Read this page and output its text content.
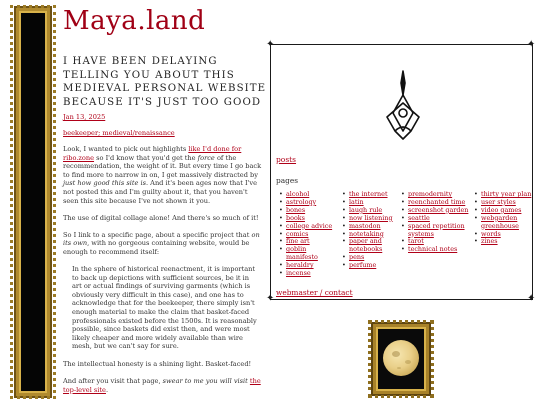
Maya.land
I HAVE BEEN DELAYING TELLING YOU ABOUT THIS MEDIEVAL PERSONAL WEBSITE BECAUSE IT'S JUST TOO GOOD
Jan 13, 2025
beekeeper; medieval/renaissance

Look, I wanted to pick out highlights like I'd done for ribo.zone so I'd know that you'd get the force of the recommendation, the weight of it. But every time I go back to find more to narrow in on, I get massively distracted by just how good this site is. And it's been ages now that I've not posted this and I'm guilty about it, that you haven't seen this site because I've not shown it you.

The use of digital collage alone! And there's so much of it!

So I link to a specific page, about a specific project that on its own, with no gorgeous containing website, would be enough to recommend itself:

In the sphere of historical reenactment, it is important to back up depictions with sufficient sources, be it in art or actual findings of surviving garments (which is obviously very difficult in this case), and one has to acknowledge that for the beekeeper, there simply isn't enough material to make the claim that basket-faced professionals existed before the 1500s. It is reasonably possible, since baskets did exist then, and were most likely cheaper and more widely available than wire mesh, but we can't say for sure.

The intellectual honesty is a shining light. Basket-faced!

And after you visit that page, swear to me you will visit the top-level site.

✦	✦
✦	✦
posts
pages
• alcohol
• astrology
• bones
• books
• college advice
• comics
• fine art
• goblin manifesto
• heraldry
• incense
• the internet
• latin
• laugh rule
• now listening
• mastodon
• notetaking
• paper and notebooks
• pens
• perfume
• premodernity
• reenchanted time
• screenshot garden
• seattle
• spaced repetition systems
• tarot
• technical notes
• thirty year plan
• user styles
• video games
• webgarden greenhouse
• words
• zines
webmaster / contact
